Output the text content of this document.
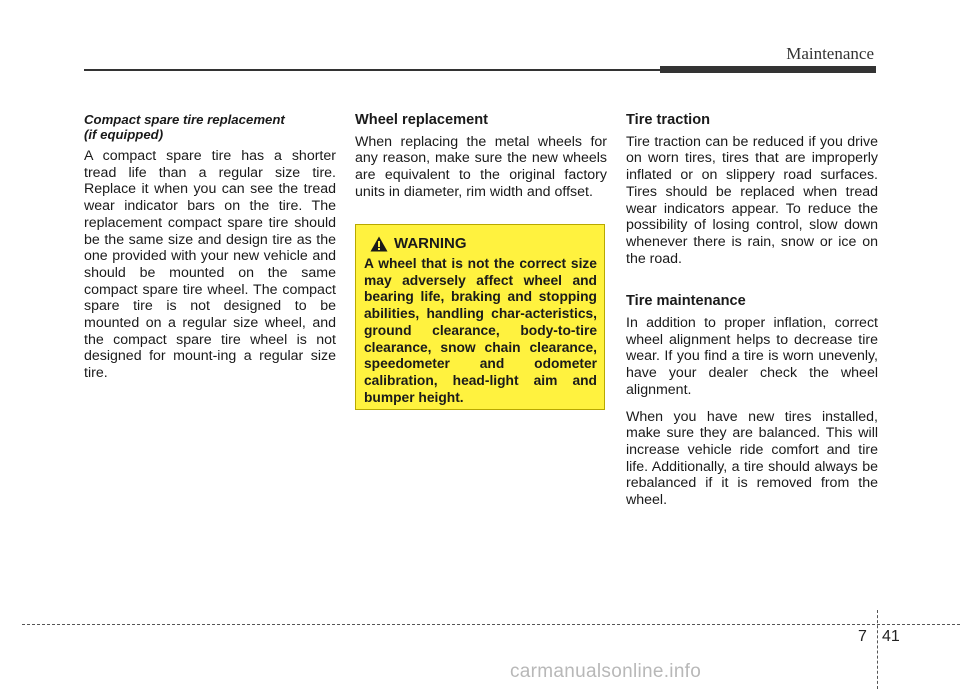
Maintenance
Compact spare tire replacement
(if equipped)

A compact spare tire has a shorter tread life than a regular size tire. Replace it when you can see the tread wear indicator bars on the tire. The replacement compact spare tire should be the same size and design tire as the one provided with your new vehicle and should be mounted on the same compact spare tire wheel. The compact spare tire is not designed to be mounted on a regular size wheel, and the compact spare tire wheel is not designed for mount-ing a regular size tire.

Wheel replacement

When replacing the metal wheels for any reason, make sure the new wheels are equivalent to the original factory units in diameter, rim width and offset.

WARNING

A wheel that is not the correct size may adversely affect wheel and bearing life, braking and stopping abilities, handling char-acteristics, ground clearance, body-to-tire clearance, snow chain clearance, speedometer and odometer calibration, head-light aim and bumper height.

Tire traction

Tire traction can be reduced if you drive on worn tires, tires that are improperly inflated or on slippery road surfaces. Tires should be replaced when tread wear indicators appear. To reduce the possibility of losing control, slow down whenever there is rain, snow or ice on the road.

Tire maintenance

In addition to proper inflation, correct wheel alignment helps to decrease tire wear. If you find a tire is worn unevenly, have your dealer check the wheel alignment.

When you have new tires installed, make sure they are balanced. This will increase vehicle ride comfort and tire life. Additionally, a tire should always be rebalanced if it is removed from the wheel.

7 41
carmanualsonline.info
